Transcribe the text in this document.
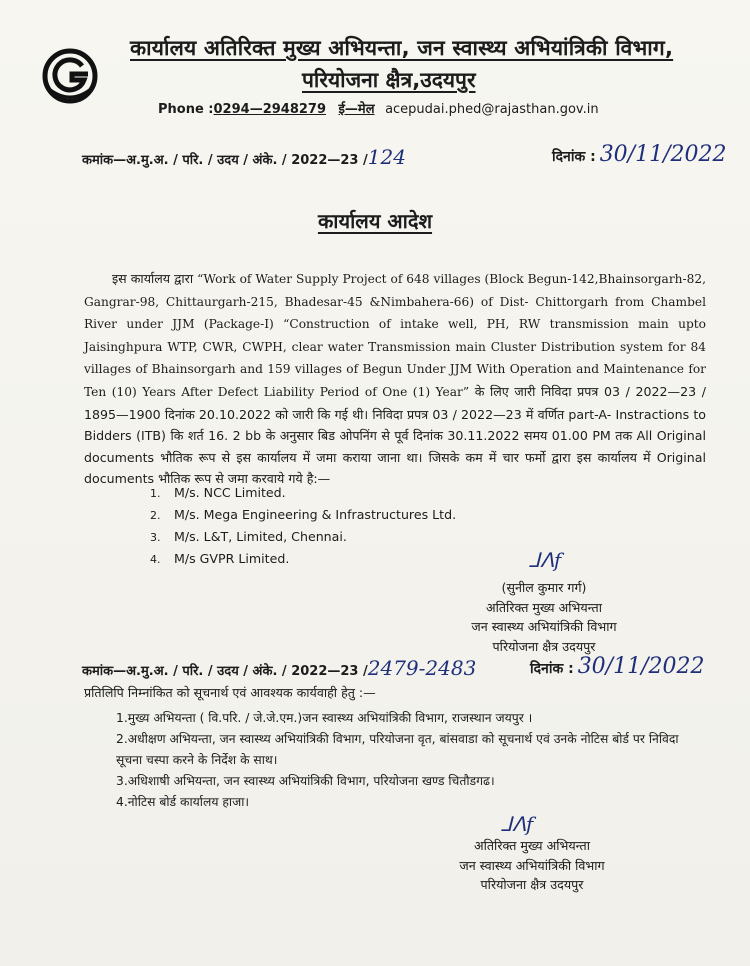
कार्यालय अतिरिक्त मुख्य अभियन्ता, जन स्वास्थ्य अभियांत्रिकी विभाग,
परियोजना क्षैत्र,उदयपुर
Phone :0294—2948279 ई—मेल acepudai.phed@rajasthan.gov.in
कमांक—अ.मु.अ. / परि. / उदय / अंके. / 2022—23 /124	दिनांक : 30/11/2022
कार्यालय आदेश
इस कार्यालय द्वारा “Work of Water Supply Project of 648 villages (Block Begun-142,Bhainsorgarh-82, Gangrar-98, Chittaurgarh-215, Bhadesar-45 &Nimbahera-66) of Dist- Chittorgarh from Chambel River under JJM (Package-I) “Construction of intake well, PH, RW transmission main upto Jaisinghpura WTP, CWR, CWPH, clear water Transmission main Cluster Distribution system for 84 villages of Bhainsorgarh and 159 villages of Begun Under JJM With Operation and Maintenance for Ten (10) Years After Defect Liability Period of One (1) Year” के लिए जारी निविदा प्रपत्र 03 / 2022—23 / 1895—1900 दिनांक 20.10.2022 को जारी कि गई थी। निविदा प्रपत्र 03 / 2022—23 में वर्णित part-A- Instractions to Bidders (ITB) कि शर्त 16. 2 bb के अनुसार बिड ओपनिंग से पूर्व दिनांक 30.11.2022 समय 01.00 PM तक All Original documents भौतिक रूप से इस कार्यालय में जमा कराया जाना था। जिसके कम में चार फर्मो द्वारा इस कार्यालय में Original documents भौतिक रूप से जमा करवाये गये है:—
1. M/s. NCC Limited.
2. M/s. Mega Engineering & Infrastructures Ltd.
3. M/s. L&T, Limited, Chennai.
4. M/s GVPR Limited.	ᒧᐱf
(सुनील कुमार गर्ग)
अतिरिक्त मुख्य अभियन्ता
जन स्वास्थ्य अभियांत्रिकी विभाग
परियोजना क्षैत्र उदयपुर
कमांक—अ.मु.अ. / परि. / उदय / अंके. / 2022—23 /2479-2483	दिनांक : 30/11/2022
प्रतिलिपि निम्नांकित को सूचनार्थ एवं आवश्यक कार्यवाही हेतु :—
1.मुख्य अभियन्ता ( वि.परि. / जे.जे.एम.)जन स्वास्थ्य अभियांत्रिकी विभाग, राजस्थान जयपुर ।
2.अधीक्षण अभियन्ता, जन स्वास्थ्य अभियांत्रिकी विभाग, परियोजना वृत, बांसवाडा को सूचनार्थ एवं उनके नोटिस बोर्ड पर निविदा सूचना चस्पा करने के निर्देश के साथ।
3.अधिशाषी अभियन्ता, जन स्वास्थ्य अभियांत्रिकी विभाग, परियोजना खण्ड चितौडगढ।
4.नोटिस बोर्ड कार्यालय हाजा।
ᒧᐱf
अतिरिक्त मुख्य अभियन्ता
जन स्वास्थ्य अभियांत्रिकी विभाग
परियोजना क्षैत्र उदयपुर
